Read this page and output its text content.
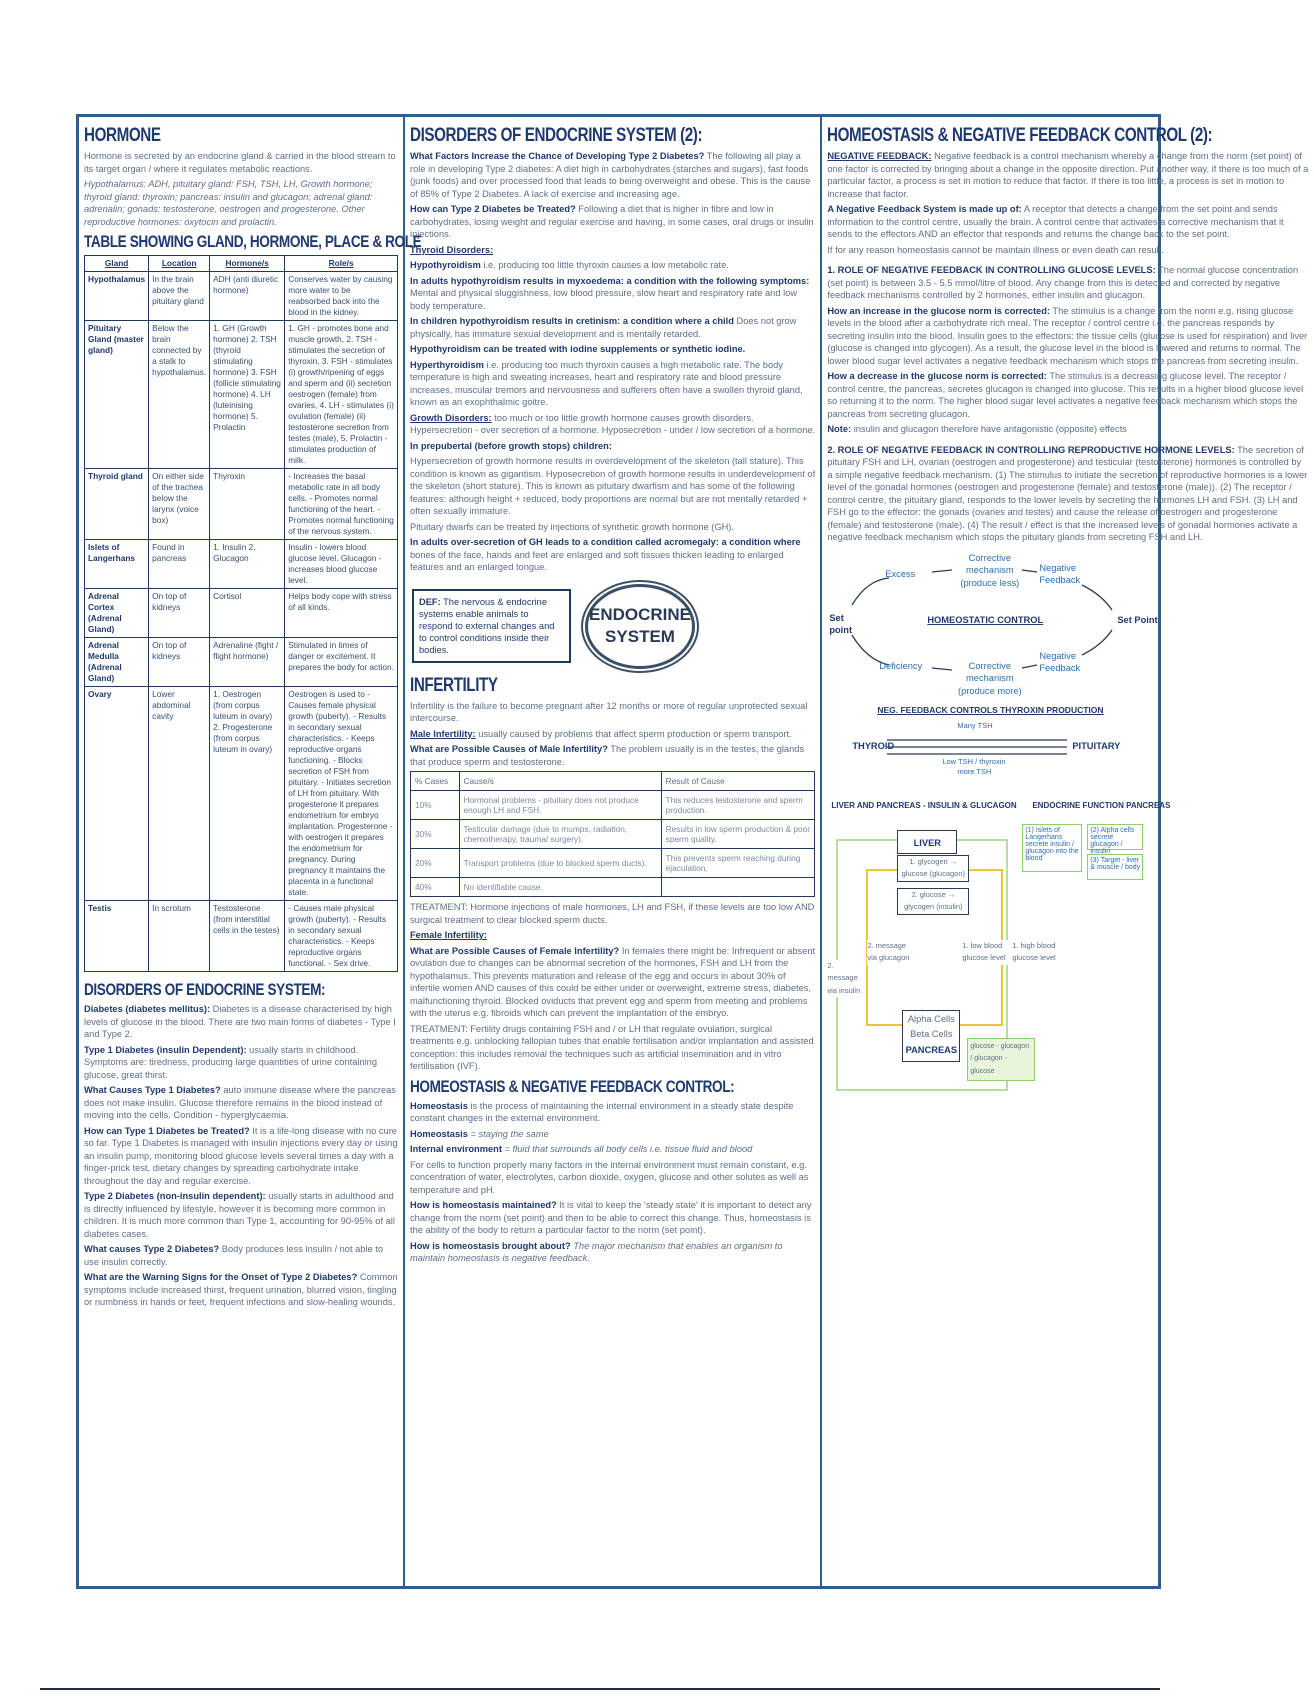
HORMONE

Hormone is secreted by an endocrine gland & carried in the blood stream to its target organ / where it regulates metabolic reactions.

Hypothalamus: ADH, pituitary gland: FSH, TSH, LH, Growth hormone; thyroid gland: thyroxin; pancreas: insulin and glucagon; adrenal gland: adrenalin; gonads: testosterone, oestrogen and progesterone. Other reproductive hormones: oxytocin and prolactin.

TABLE SHOWING GLAND, HORMONE, PLACE & ROLE
Gland	Location	Hormone/s	Role/s
Hypothalamus	In the brain above the pituitary gland	ADH (anti diuretic hormone)	Conserves water by causing more water to be reabsorbed back into the blood in the kidney.
Pituitary Gland (master gland)	Below the brain connected by a stalk to hypothalamus.	1. GH (Growth hormone) 2. TSH (thyroid stimulating hormone) 3. FSH (follicle stimulating hormone) 4. LH (luteinising hormone) 5. Prolactin	1. GH - promotes bone and muscle growth, 2. TSH - stimulates the secretion of thyroxin, 3. FSH - stimulates (i) growth/ripening of eggs and sperm and (ii) secretion oestrogen (female) from ovaries, 4. LH - stimulates (i) ovulation (female) (ii) testosterone secretion from testes (male), 5. Prolactin - stimulates production of milk.
Thyroid gland	On either side of the trachea below the larynx (voice box)	Thyroxin	- Increases the basal metabolic rate in all body cells. - Promotes normal functioning of the heart. - Promotes normal functioning of the nervous system.
Islets of Langerhans	Found in pancreas	1. Insulin 2. Glucagon	Insulin - lowers blood glucose level. Glucagon - increases blood glucose level.
Adrenal Cortex (Adrenal Gland)	On top of kidneys	Cortisol	Helps body cope with stress of all kinds.
Adrenal Medulla (Adrenal Gland)	On top of kidneys	Adrenaline (fight / flight hormone)	Stimulated in times of danger or excitement. It prepares the body for action.
Ovary	Lower abdominal cavity	1. Oestrogen (from corpus luteum in ovary) 2. Progesterone (from corpus luteum in ovary)	Oestrogen is used to - Causes female physical growth (puberty). - Results in secondary sexual characteristics. - Keeps reproductive organs functioning. - Blocks secretion of FSH from pituitary. - Initiates secretion of LH from pituitary. With progesterone it prepares endometrium for embryo implantation. Progesterone - with oestrogen it prepares the endometrium for pregnancy. During pregnancy it maintains the placenta in a functional state.
Testis	In scrotum	Testosterone (from interstitial cells in the testes)	- Causes male physical growth (puberty). - Results in secondary sexual characteristics. - Keeps reproductive organs functional. - Sex drive.
DISORDERS OF ENDOCRINE SYSTEM:

Diabetes (diabetes mellitus): Diabetes is a disease characterised by high levels of glucose in the blood. There are two main forms of diabetes - Type I and Type 2.

Type 1 Diabetes (insulin Dependent): usually starts in childhood. Symptoms are: tiredness, producing large quantities of urine containing glucose, great thirst.

What Causes Type 1 Diabetes? auto immune disease where the pancreas does not make insulin. Glucose therefore remains in the blood instead of moving into the cells. Condition - hyperglycaemia.

How can Type 1 Diabetes be Treated? It is a life-long disease with no cure so far. Type 1 Diabetes is managed with insulin injections every day or using an insulin pump, monitoring blood glucose levels several times a day with a finger-prick test, dietary changes by spreading carbohydrate intake throughout the day and regular exercise.

Type 2 Diabetes (non-insulin dependent): usually starts in adulthood and is directly influenced by lifestyle, however it is becoming more common in children. It is much more common than Type 1, accounting for 90-95% of all diabetes cases.

What causes Type 2 Diabetes? Body produces less insulin / not able to use insulin correctly.

What are the Warning Signs for the Onset of Type 2 Diabetes? Common symptoms include increased thirst, frequent urination, blurred vision, tingling or numbness in hands or feet, frequent infections and slow-healing wounds.

DISORDERS OF ENDOCRINE SYSTEM (2):

What Factors Increase the Chance of Developing Type 2 Diabetes? The following all play a role in developing Type 2 diabetes: A diet high in carbohydrates (starches and sugars), fast foods (junk foods) and over processed food that leads to being overweight and obese. This is the cause of 85% of Type 2 Diabetes. A lack of exercise and increasing age.

How can Type 2 Diabetes be Treated? Following a diet that is higher in fibre and low in carbohydrates, losing weight and regular exercise and having, in some cases, oral drugs or insulin injections.

Thyroid Disorders:

Hypothyroidism i.e. producing too little thyroxin causes a low metabolic rate.

In adults hypothyroidism results in myxoedema: a condition with the following symptoms: Mental and physical sluggishness, low blood pressure, slow heart and respiratory rate and low body temperature.

In children hypothyroidism results in cretinism: a condition where a child Does not grow physically, has immature sexual development and is mentally retarded.

Hypothyroidism can be treated with iodine supplements or synthetic iodine.

Hyperthyroidism i.e. producing too much thyroxin causes a high metabolic rate. The body temperature is high and sweating increases, heart and respiratory rate and blood pressure increases, muscular tremors and nervousness and sufferers often have a swollen thyroid gland, known as an exophthalmic goitre.

Growth Disorders: too much or too little growth hormone causes growth disorders. Hypersecretion - over secretion of a hormone. Hyposecretion - under / low secretion of a hormone.

In prepubertal (before growth stops) children:

Hypersecretion of growth hormone results in overdevelopment of the skeleton (tall stature). This condition is known as gigantism. Hyposecretion of growth hormone results in underdevelopment of the skeleton (short stature). This is known as pituitary dwarfism and has some of the following features: although height + reduced, body proportions are normal but are not mentally retarded + often sexually immature.

Pituitary dwarfs can be treated by injections of synthetic growth hormone (GH).

In adults over-secretion of GH leads to a condition called acromegaly: a condition where bones of the face, hands and feet are enlarged and soft tissues thicken leading to enlarged features and an enlarged tongue.

DEF: The nervous & endocrine systems enable animals to respond to external changes and to control conditions inside their bodies.
ENDOCRINE SYSTEM
INFERTILITY

Infertility is the failure to become pregnant after 12 months or more of regular unprotected sexual intercourse.

Male Infertility: usually caused by problems that affect sperm production or sperm transport.

What are Possible Causes of Male Infertility? The problem usually is in the testes, the glands that produce sperm and testosterone.

% Cases	Cause/s	Result of Cause
10%	Hormonal problems - pituitary does not produce enough LH and FSH.	This reduces testosterone and sperm production.
30%	Testicular damage (due to mumps, radiation, chemotherapy, trauma/ surgery).	Results in low sperm production & poor sperm quality.
20%	Transport problems (due to blocked sperm ducts).	This prevents sperm reaching during ejaculation.
40%	No identifiable cause.	

TREATMENT: Hormone injections of male hormones, LH and FSH, if these levels are too low AND surgical treatment to clear blocked sperm ducts.

Female Infertility:

What are Possible Causes of Female Infertility? In females there might be: Infrequent or absent ovulation due to changes can be abnormal secretion of the hormones, FSH and LH from the hypothalamus. This prevents maturation and release of the egg and occurs in about 30% of infertile women AND causes of this could be either under or overweight, extreme stress, diabetes, malfunctioning thyroid. Blocked oviducts that prevent egg and sperm from meeting and problems with the uterus e.g. fibroids which can prevent the implantation of the embryo.

TREATMENT: Fertility drugs containing FSH and / or LH that regulate ovulation, surgical treatments e.g. unblocking fallopian tubes that enable fertilisation and/or implantation and assisted conception: this includes removal the techniques such as artificial insemination and in vitro fertilisation (IVF).

HOMEOSTASIS & NEGATIVE FEEDBACK CONTROL:

Homeostasis is the process of maintaining the internal environment in a steady state despite constant changes in the external environment.

Homeostasis = staying the same

Internal environment = fluid that surrounds all body cells i.e. tissue fluid and blood

For cells to function properly many factors in the internal environment must remain constant, e.g. concentration of water, electrolytes, carbon dioxide, oxygen, glucose and other solutes as well as temperature and pH.

How is homeostasis maintained? It is vital to keep the 'steady state' it is important to detect any change from the norm (set point) and then to be able to correct this change. Thus, homeostasis is the ability of the body to return a particular factor to the norm (set point).

How is homeostasis brought about? The major mechanism that enables an organism to maintain homeostasis is negative feedback.

HOMEOSTASIS & NEGATIVE FEEDBACK CONTROL (2):

NEGATIVE FEEDBACK: Negative feedback is a control mechanism whereby a change from the norm (set point) of one factor is corrected by bringing about a change in the opposite direction. Put another way, if there is too much of a particular factor, a process is set in motion to reduce that factor. If there is too little, a process is set in motion to increase that factor.

A Negative Feedback System is made up of: A receptor that detects a change from the set point and sends information to the control centre, usually the brain. A control centre that activates a corrective mechanism that it sends to the effectors AND an effector that responds and returns the change back to the set point.

If for any reason homeostasis cannot be maintain illness or even death can result.

1. ROLE OF NEGATIVE FEEDBACK IN CONTROLLING GLUCOSE LEVELS: The normal glucose concentration (set point) is between 3.5 - 5.5 mmol/litre of blood. Any change from this is detected and corrected by negative feedback mechanisms controlled by 2 hormones, either insulin and glucagon.

How an increase in the glucose norm is corrected: The stimulus is a change from the norm e.g. rising glucose levels in the blood after a carbohydrate rich meal. The receptor / control centre i.e. the pancreas responds by secreting insulin into the blood. Insulin goes to the effectors: the tissue cells (glucose is used for respiration) and liver (glucose is changed into glycogen). As a result, the glucose level in the blood is lowered and returns to normal. The lower blood sugar level activates a negative feedback mechanism which stops the pancreas from secreting insulin.

How a decrease in the glucose norm is corrected: The stimulus is a decreasing glucose level. The receptor / control centre, the pancreas, secretes glucagon is changed into glucose. This results in a higher blood glucose level so returning it to the norm. The higher blood sugar level activates a negative feedback mechanism which stops the pancreas from secreting glucagon.

Note: insulin and glucagon therefore have antagonistic (opposite) effects

2. ROLE OF NEGATIVE FEEDBACK IN CONTROLLING REPRODUCTIVE HORMONE LEVELS: The secretion of pituitary FSH and LH, ovarian (oestrogen and progesterone) and testicular (testosterone) hormones is controlled by a simple negative feedback mechanism. (1) The stimulus to initiate the secretion of reproductive hormones is a lower level of the gonadal hormones (oestrogen and progesterone (female) and testosterone (male)). (2) The receptor / control centre, the pituitary gland, responds to the lower levels by secreting the hormones LH and FSH. (3) LH and FSH go to the effector: the gonads (ovaries and testes) and cause the release of oestrogen and progesterone (female) and testosterone (male). (4) The result / effect is that the increased levels of gonadal hormones activate a negative feedback mechanism which stops the pituitary glands from secreting FSH and LH.

Excess
Corrective mechanism (produce less)
Negative Feedback
Set point
HOMEOSTATIC CONTROL	Set Point
Deficiency	Corrective mechanism (produce more)
Negative Feedback
NEG. FEEDBACK CONTROLS THYROXIN PRODUCTION
Many TSH
THYROID	PITUITARY
Low TSH / thyroxin
more TSH
LIVER AND PANCREAS - INSULIN & GLUCAGON ENDOCRINE FUNCTION PANCREAS
(1) Islets of Langerhans secrete insulin / glucagon into the blood
(2) Alpha cells secrete glucagon / insulin
(3) Target - liver & muscle / body
LIVER
1. glycogen → glucose (glucagon)
2. glucose → glycogen (insulin)
2. message via glucagon
2. message via insulin
1. low blood glucose level
1. high blood glucose level
Alpha Cells
Beta Cells
PANCREAS	glucose - glucagon / glucagon - glucose
